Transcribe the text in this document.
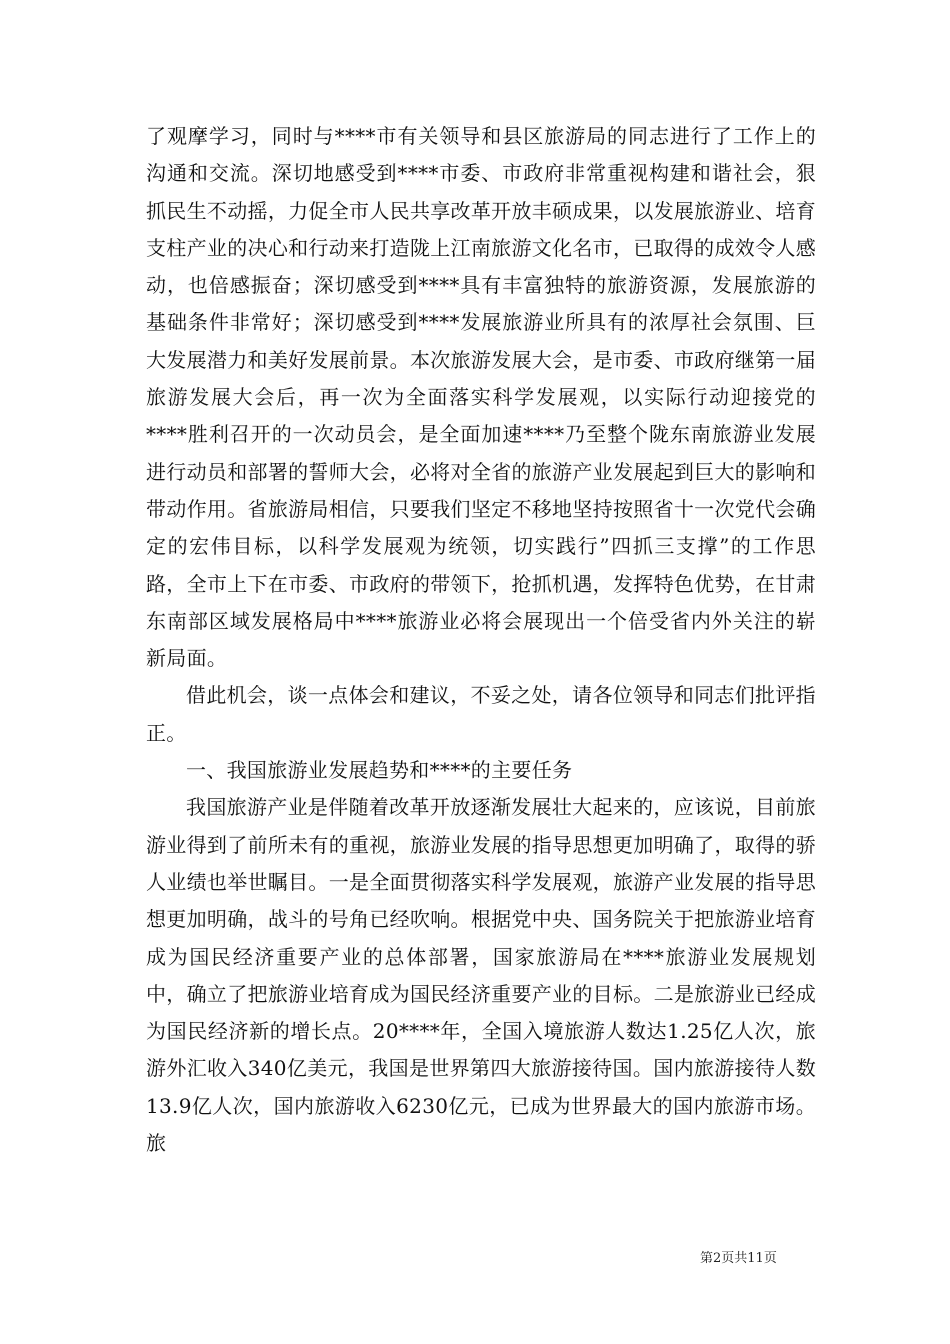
了观摩学习，同时与****市有关领导和县区旅游局的同志进行了工作上的沟通和交流。深切地感受到****市委、市政府非常重视构建和谐社会，狠抓民生不动摇，力促全市人民共享改革开放丰硕成果，以发展旅游业、培育支柱产业的决心和行动来打造陇上江南旅游文化名市，已取得的成效令人感动，也倍感振奋；深切感受到****具有丰富独特的旅游资源，发展旅游的基础条件非常好；深切感受到****发展旅游业所具有的浓厚社会氛围、巨大发展潜力和美好发展前景。本次旅游发展大会，是市委、市政府继第一届旅游发展大会后，再一次为全面落实科学发展观，以实际行动迎接党的****胜利召开的一次动员会，是全面加速****乃至整个陇东南旅游业发展进行动员和部署的誓师大会，必将对全省的旅游产业发展起到巨大的影响和带动作用。省旅游局相信，只要我们坚定不移地坚持按照省十一次党代会确定的宏伟目标，以科学发展观为统领，切实践行”四抓三支撑”的工作思路，全市上下在市委、市政府的带领下，抢抓机遇，发挥特色优势，在甘肃东南部区域发展格局中****旅游业必将会展现出一个倍受省内外关注的崭新局面。

借此机会，谈一点体会和建议，不妥之处，请各位领导和同志们批评指正。

一、我国旅游业发展趋势和****的主要任务

我国旅游产业是伴随着改革开放逐渐发展壮大起来的，应该说，目前旅游业得到了前所未有的重视，旅游业发展的指导思想更加明确了，取得的骄人业绩也举世瞩目。一是全面贯彻落实科学发展观，旅游产业发展的指导思想更加明确，战斗的号角已经吹响。根据党中央、国务院关于把旅游业培育成为国民经济重要产业的总体部署，国家旅游局在****旅游业发展规划中，确立了把旅游业培育成为国民经济重要产业的目标。二是旅游业已经成为国民经济新的增长点。20****年，全国入境旅游人数达1.25亿人次，旅游外汇收入340亿美元，我国是世界第四大旅游接待国。国内旅游接待人数13.9亿人次，国内旅游收入6230亿元，已成为世界最大的国内旅游市场。旅

第2页共11页
